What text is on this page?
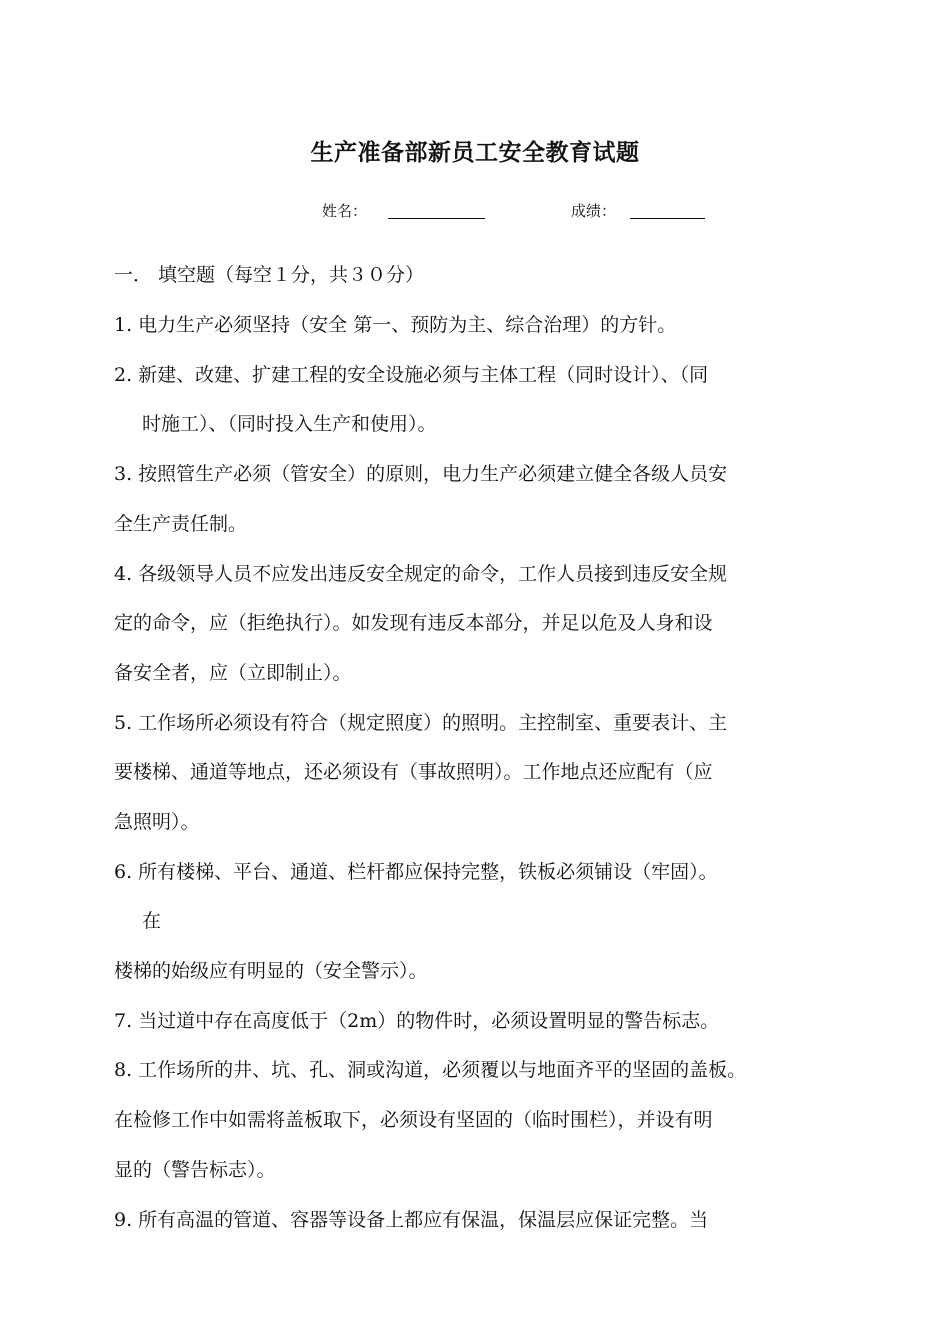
生产准备部新员工安全教育试题
姓名：	成绩：
一． 填空题（每空１分，共３０分）
1. 电力生产必须坚持（安全 第一、预防为主、综合治理）的方针。
2. 新建、改建、扩建工程的安全设施必须与主体工程（同时设计）、（同
时施工）、（同时投入生产和使用）。
3. 按照管生产必须（管安全）的原则，电力生产必须建立健全各级人员安
全生产责任制。
4. 各级领导人员不应发出违反安全规定的命令，工作人员接到违反安全规
定的命令，应（拒绝执行）。如发现有违反本部分，并足以危及人身和设
备安全者，应（立即制止）。
5. 工作场所必须设有符合（规定照度）的照明。主控制室、重要表计、主
要楼梯、通道等地点，还必须设有（事故照明）。工作地点还应配有（应
急照明）。
6. 所有楼梯、平台、通道、栏杆都应保持完整，铁板必须铺设（牢固）。
在
楼梯的始级应有明显的（安全警示）。
7. 当过道中存在高度低于（2m）的物件时，必须设置明显的警告标志。
8. 工作场所的井、坑、孔、洞或沟道，必须覆以与地面齐平的坚固的盖板。
在检修工作中如需将盖板取下，必须设有坚固的（临时围栏），并设有明
显的（警告标志）。
9. 所有高温的管道、容器等设备上都应有保温，保温层应保证完整。当
